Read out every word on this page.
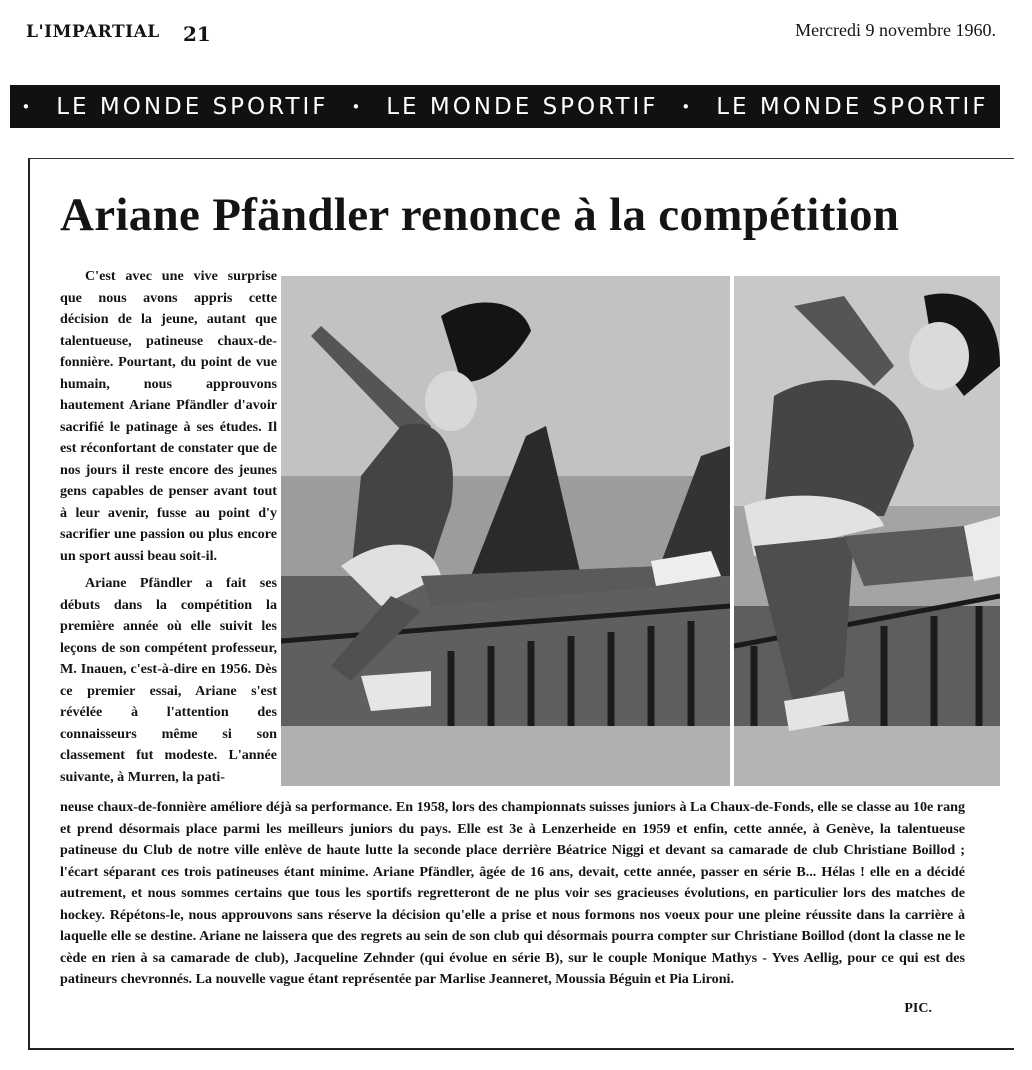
L'IMPARTIAL 21	Mercredi 9 novembre 1960.
• LE MONDE SPORTIF • LE MONDE SPORTIF • LE MONDE SPORTIF
Ariane Pfändler renonce à la compétition

C'est avec une vive surprise que nous avons appris cette décision de la jeune, autant que talentueuse, patineuse chaux-de-fonnière. Pourtant, du point de vue humain, nous approuvons hautement Ariane Pfändler d'avoir sacrifié le patinage à ses études. Il est réconfortant de constater que de nos jours il reste encore des jeunes gens capables de penser avant tout à leur avenir, fusse au point d'y sacrifier une passion ou plus encore un sport aussi beau soit-il.

Ariane Pfändler a fait ses débuts dans la compétition la première année où elle suivit les leçons de son compétent professeur, M. Inauen, c'est-à-dire en 1956. Dès ce premier essai, Ariane s'est révélée à l'attention des connaisseurs même si son classement fut modeste. L'année suivante, à Murren, la pati-

neuse chaux-de-fonnière améliore déjà sa performance. En 1958, lors des championnats suisses juniors à La Chaux-de-Fonds, elle se classe au 10e rang et prend désormais place parmi les meilleurs juniors du pays. Elle est 3e à Lenzerheide en 1959 et enfin, cette année, à Genève, la talentueuse patineuse du Club de notre ville enlève de haute lutte la seconde place derrière Béatrice Niggi et devant sa camarade de club Christiane Boillod ; l'écart séparant ces trois patineuses étant minime. Ariane Pfändler, âgée de 16 ans, devait, cette année, passer en série B... Hélas ! elle en a décidé autrement, et nous sommes certains que tous les sportifs regretteront de ne plus voir ses gracieuses évolutions, en particulier lors des matches de hockey. Répétons-le, nous approuvons sans réserve la décision qu'elle a prise et nous formons nos voeux pour une pleine réussite dans la carrière à laquelle elle se destine. Ariane ne laissera que des regrets au sein de son club qui désormais pourra compter sur Christiane Boillod (dont la classe ne le cède en rien à sa camarade de club), Jacqueline Zehnder (qui évolue en série B), sur le couple Monique Mathys - Yves Aellig, pour ce qui est des patineurs chevronnés. La nouvelle vague étant représentée par Marlise Jeanneret, Moussia Béguin et Pia Lironi.
PIC.
